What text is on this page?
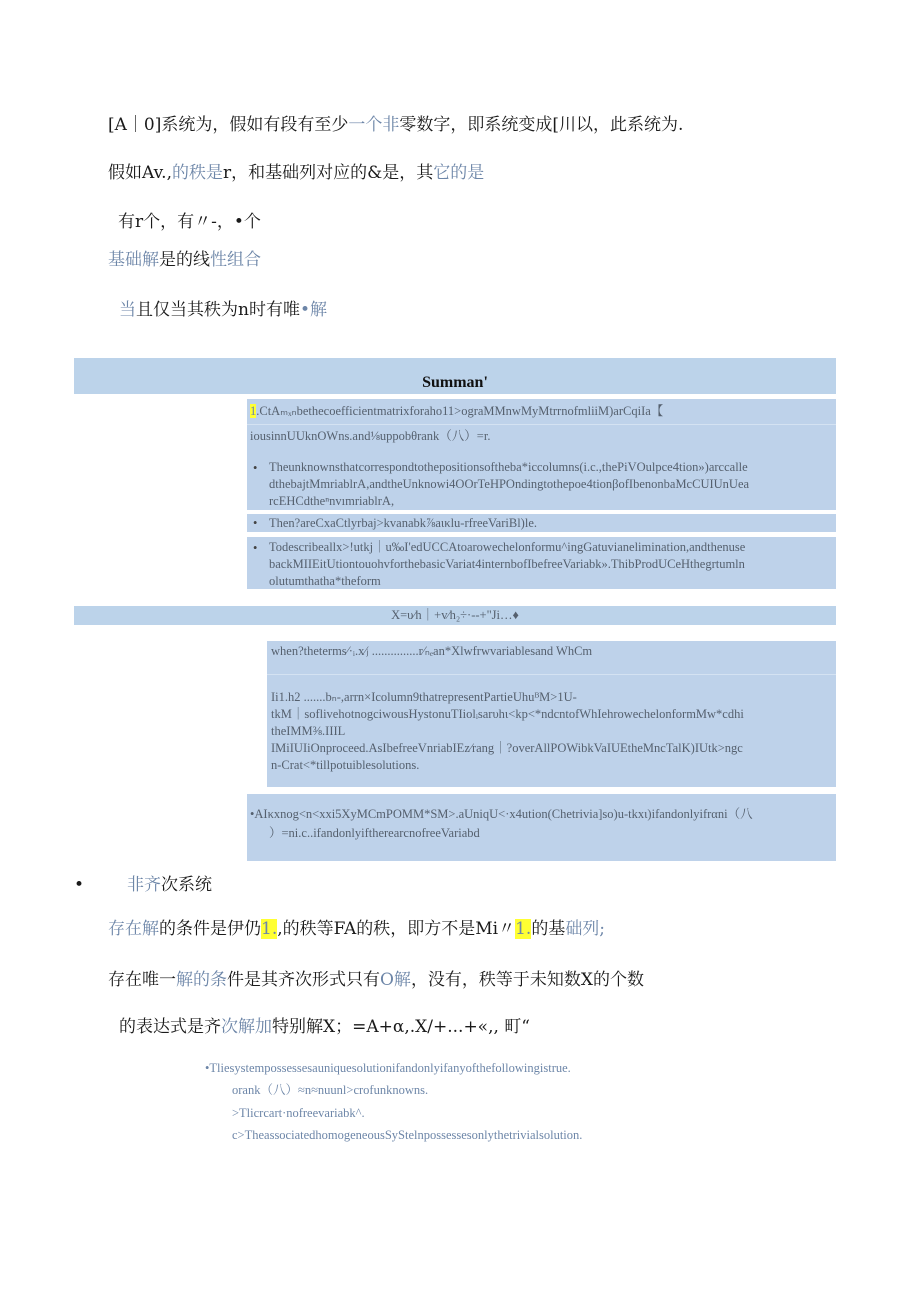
[A｜0]系统为，假如有段有至少一个非零数字，即系统变成[川以，此系统为.
假如Av.,的秩是r，和基础列对应的&是，其它的是
有r个，有〃-，•个
基础解是的线性组合
当且仅当其秩为n时有唯•解
Summan'
1.CtAₘₓₙbethecoefficientmatrixforaho11>ograMMnwMyMtrrnofmliiM)arCqiIa【
iousinnUUknOWns.and⅛uppobθrank（八）=r.
• Theunknownsthatcorrespondtothepositionsoftheba*iccolumns(i.c.,thePiVOulpce4tion»)arccalle
dthebajtMmriablrA,andtheUnknowi4OOrTeHPOndingtothepoe4tionβofIbenonbaMcCUIUnUea
rcEHCdtheⁿnvımriablrA,
• Then?areCxaCtlyrbaj>kvanabk⅞aικlu-rfreeVariBl)le.
• Todescribeallx>!utkj｜u‰I'edUCCAtoarowechelonformu^ingGatuvianelimination,andthenuse
backMIIEitUtiontouohvforthebasicVariat4internbofIbefreeVariabk».ThibProdUCeHthegrtumln
olutumthatha*theform
X=υ⁄h｜+v⁄h₂÷·--+"Ji…♦
when?theterms⁄·ᵢ.x⁄ⱼ ...............r⁄ₙₑan*Xlwfrwvariablesand WhCm
Ii1.h2 .......bₙ-,arrn×Icolumn9thatrepresentPartieUhuᴮM>1U-
tkM｜soflivehotnogciwousHystonuTIiolᵢsarυhι<kp<*ndcntofWhIehrowechelonformMw*cdhi
theIMM⅜.IIIL
IMiIUIiOnproceed.AsIbefreeVnriabIEz⁄rang｜?overAllPOWibkVaIUEtheMncTalK)IUtk>ngc
n-Crat<*tillpotuiblesolutions.
•AIκxnog<n<xxi5XyMCmPOMM*SM>.aUniqU<·x4ution(Chetrivia]so)u-tkxι)ifandonlyifrαni（八
）=ni.c..ifandonlyiftherearcnofreeVariabd
•	非齐次系统
存在解的条件是伊仍1.,的秩等FA的秩，即方不是Mi〃1.的基础列;
存在唯一解的条件是其齐次形式只有O解，没有，秩等于未知数X的个数
的表达式是齐次解加特别解X；=A+α,.X/+...+«,, 町“
•Tliesystempossessesauniquesolutionifandonlyifanyofthefollowingistrue.
orank（八）≈n≈nuunl>crofunknowns.
>Tlicrcart·nofreevariabk^.
c>TheassociatedhomogeneousSyStelnpossessesonlythetrivialsolution.
